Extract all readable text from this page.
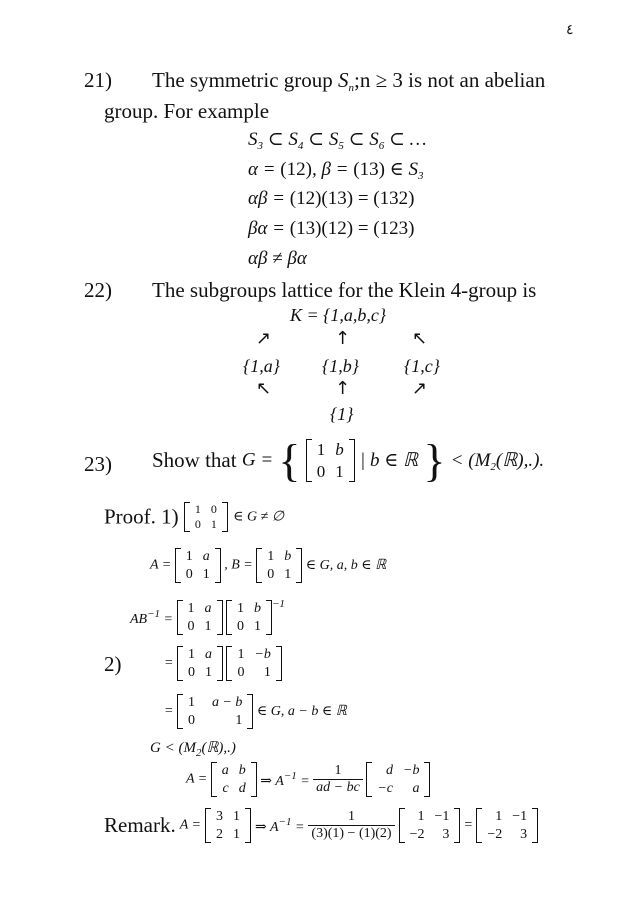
٤
21) The symmetric group $S_n;n \ge 3$ is not an abelian
group. For example
$S_3$ ⊂ $S_4$ ⊂ $S_5$ ⊂ $S_6$ ⊂ …
α = (12), β = (13) ∈ $S_3$
αβ = (12)(13) = (132)
βα = (13)(12) = (123)
αβ ≠ βα
22) The subgroups lattice for the Klein 4-group is
K = {1,a,b,c}
↗	↑	↖
{1,a} {1,b}	{1,c}
↖	↑	↗
{1}
23) Show that G = { 1	b
0	1 | b ∈ ℝ } < $(M_2(ℝ),.)$.
Proof. 1) 1	0
0	1 ∈ G ≠ ∅
A =
1	a
0	1
, B =
1	b
0	1
∈ G, a, b ∈ ℝ
$AB^{-1}$ =
1	a
0	1

1	b
0	1
$^{-1}$
2)	=
1	a
0	1

1	−b
0	1
=
1	a − b
0	1
∈ G, a − b ∈ ℝ
$G < (M_2(ℝ),.)$
A =
a	b
c	d ⇒ $A^{-1} = \frac{1}{ad - bc}$
d	−b
−c	a
Remark. A =
3	1
2	1 ⇒ $A^{-1} = \frac{1}{(3)(1) - (1)(2)}$
1	−1
−2	3
=
1	−1
−2	3
